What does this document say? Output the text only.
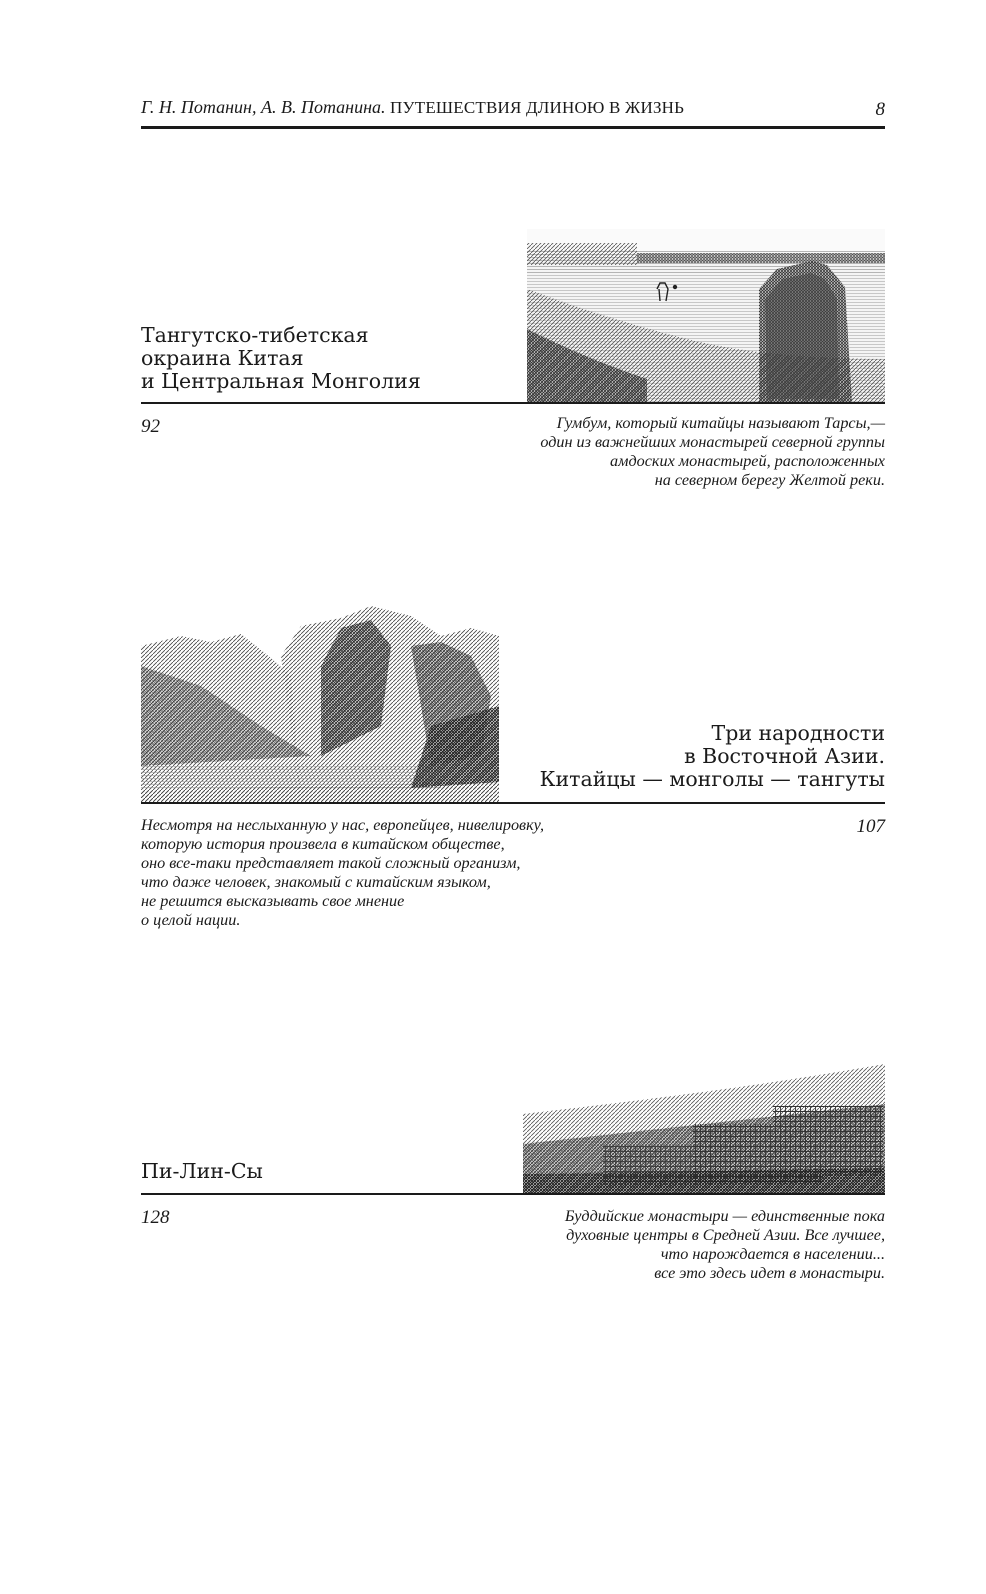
Г. Н. Потанин, А. В. Потанина. ПУТЕШЕСТВИЯ ДЛИНОЮ В ЖИЗНЬ	8
Тангутско-тибетская
окраина Китая
и Центральная Монголия
92	Гумбум, который китайцы называют Тарсы,—
один из важнейших монастырей северной группы
амдоских монастырей, расположенных
на северном берегу Желтой реки.
Три народности
в Восточной Азии.
Китайцы — монголы — тангуты
Несмотря на неслыханную у нас, европейцев, нивелировку,
которую история произвела в китайском обществе,
оно все-таки представляет такой сложный организм,
что даже человек, знакомый с китайским языком,
не решится высказывать свое мнение
о целой нации.
107
Пи-Лин-Сы
128	Буддийские монастыри — единственные пока
духовные центры в Средней Азии. Все лучшее,
что нарождается в населении...
все это здесь идет в монастыри.
